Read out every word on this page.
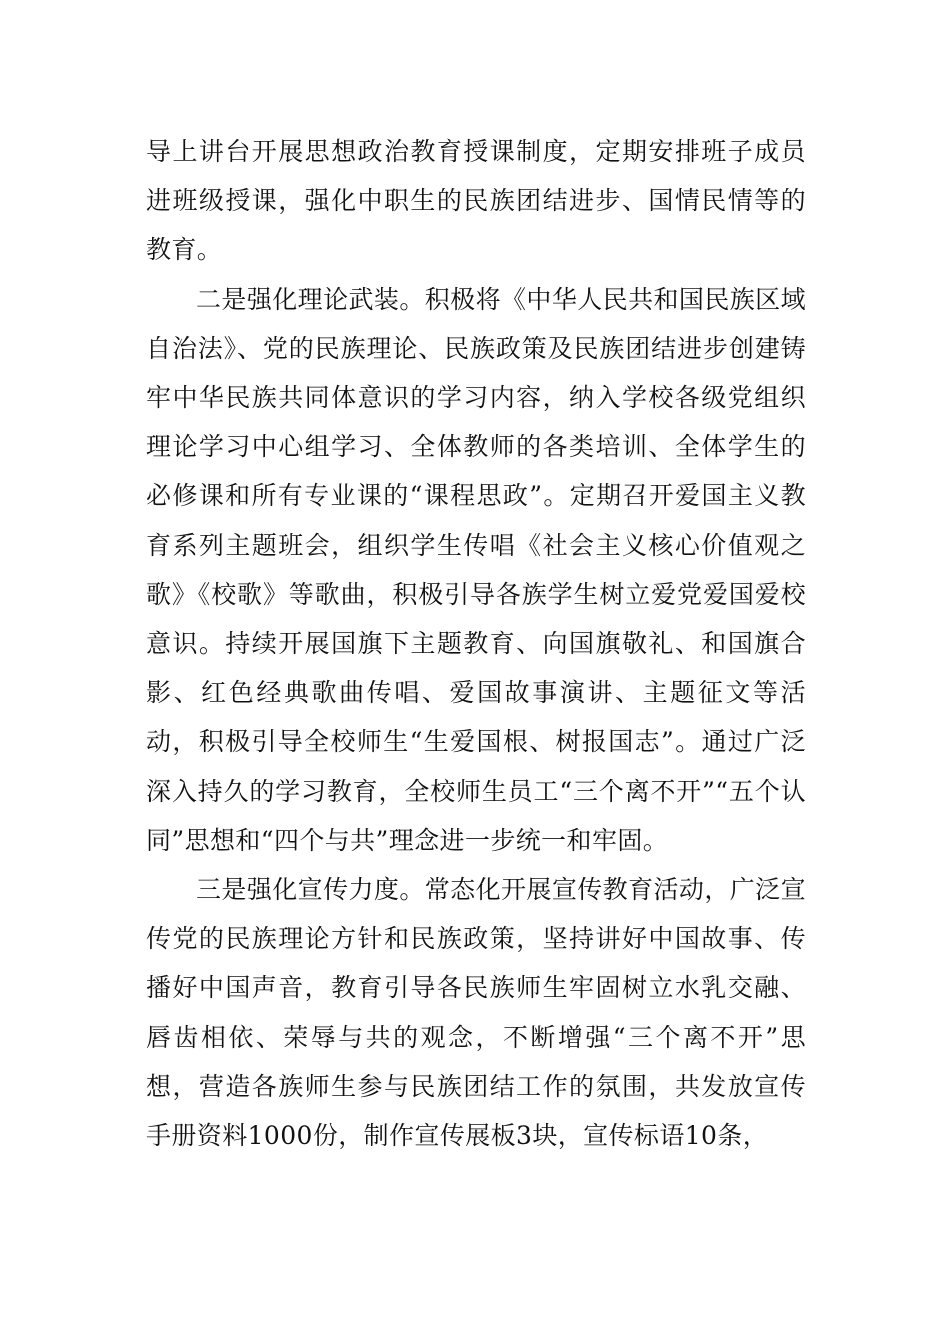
导上讲台开展思想政治教育授课制度，定期安排班子成员进班级授课，强化中职生的民族团结进步、国情民情等的教育。

二是强化理论武装。积极将《中华人民共和国民族区域自治法》、党的民族理论、民族政策及民族团结进步创建铸牢中华民族共同体意识的学习内容，纳入学校各级党组织理论学习中心组学习、全体教师的各类培训、全体学生的必修课和所有专业课的“课程思政”。定期召开爱国主义教育系列主题班会，组织学生传唱《社会主义核心价值观之歌》《校歌》等歌曲，积极引导各族学生树立爱党爱国爱校意识。持续开展国旗下主题教育、向国旗敬礼、和国旗合影、红色经典歌曲传唱、爱国故事演讲、主题征文等活动，积极引导全校师生“生爱国根、树报国志”。通过广泛深入持久的学习教育，全校师生员工“三个离不开”“五个认同”思想和“四个与共”理念进一步统一和牢固。

三是强化宣传力度。常态化开展宣传教育活动，广泛宣传党的民族理论方针和民族政策，坚持讲好中国故事、传播好中国声音，教育引导各民族师生牢固树立水乳交融、唇齿相依、荣辱与共的观念，不断增强“三个离不开”思想，营造各族师生参与民族团结工作的氛围，共发放宣传手册资料1000份，制作宣传展板3块，宣传标语10条，
